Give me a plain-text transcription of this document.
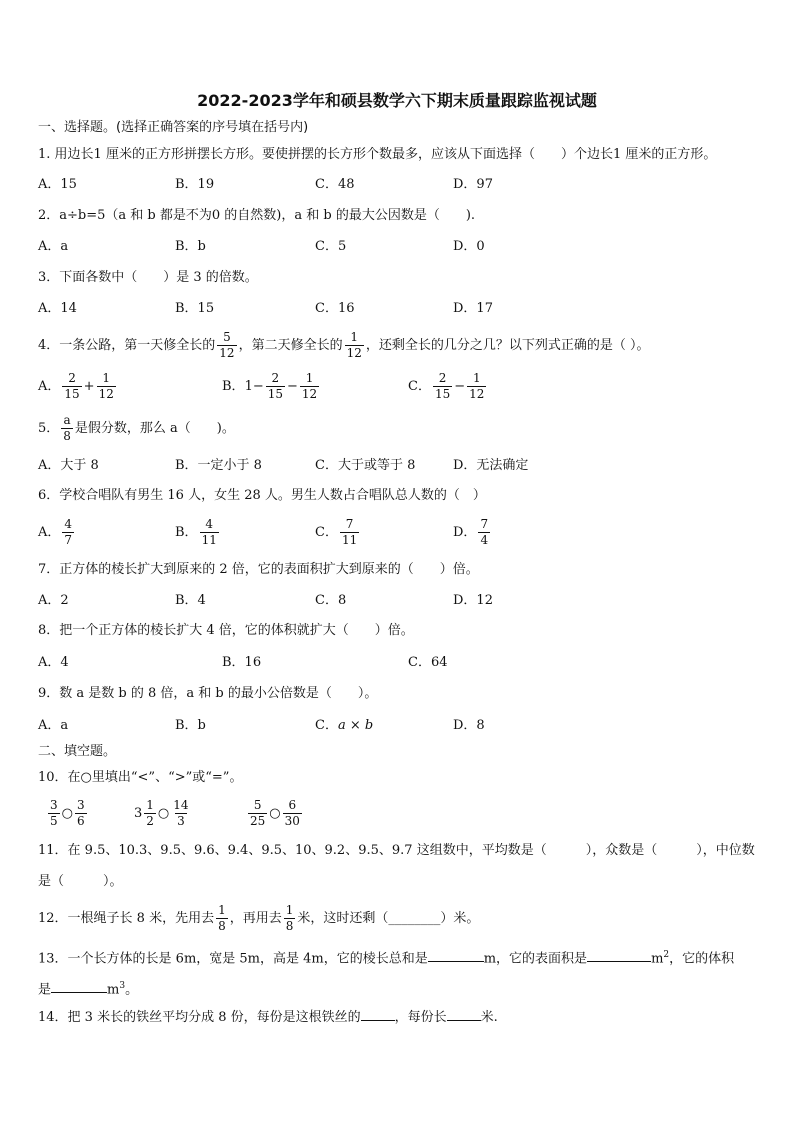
2022-2023学年和硕县数学六下期末质量跟踪监视试题
一、选择题。(选择正确答案的序号填在括号内)
1. 用边长1 厘米的正方形拼摆长方形。要使拼摆的长方形个数最多，应该从下面选择（　　）个边长1 厘米的正方形。
A．15	B．19	C．48	D．97
2．a÷b=5（a 和 b 都是不为0 的自然数)，a 和 b 的最大公因数是（　　).
A．a	B．b	C．5	D．0
3．下面各数中（　　）是 3 的倍数。
A．14	B．15	C．16	D．17
4．一条公路，第一天修全长的 $\frac{5}{12}$ ，第二天修全长的 $\frac{1}{12}$ ，还剩全长的几分之几？以下列式正确的是（ ）。
A． $\frac{2}{15} + \frac{1}{12}$	B．$1- \frac{2}{15} - \frac{1}{12}$	C． $\frac{2}{15} - \frac{1}{12}$
5． $\frac{a}{8}$ 是假分数，那么 a（　　)。
A．大于 8	B．一定小于 8	C．大于或等于 8	D．无法确定
6．学校合唱队有男生 16 人，女生 28 人。男生人数占合唱队总人数的（　）
A． $\frac{4}{7}$	B． $\frac{4}{11}$	C． $\frac{7}{11}$	D． $\frac{7}{4}$
7．正方体的棱长扩大到原来的 2 倍，它的表面积扩大到原来的（　　）倍。
A．2	B．4	C．8	D．12
8．把一个正方体的棱长扩大 4 倍，它的体积就扩大（　　）倍。
A．4	B．16	C．64
9．数 a 是数 b 的 8 倍，a 和 b 的最小公倍数是（　　）。
A．a	B．b	C．a × b	D．8
二、填空题。
10．在○里填出“<”、“>”或“=”。
$\frac{3}{5}$ ○ $\frac{3}{6}$	$3 \frac{1}{2}$ ○ $\frac{14}{3}$	$\frac{5}{25}$ ○ $\frac{6}{30}$
11．在 9.5、10.3、9.5、9.6、9.4、9.5、10、9.2、9.5、9.7 这组数中，平均数是（　　　），众数是（　　　），中位数
是（　　　）。
12．一根绳子长 8 米，先用去 $\frac{1}{8}$ ，再用去 $\frac{1}{8}$ 米，这时还剩（________）米。
13．一个长方体的长是 6m，宽是 5m，高是 4m，它的棱长总和是	m，它的表面积是	$m^2$，它的体积
是	$m^3$。
14．把 3 米长的铁丝平均分成 8 份，每份是这根铁丝的	，每份长	米.
